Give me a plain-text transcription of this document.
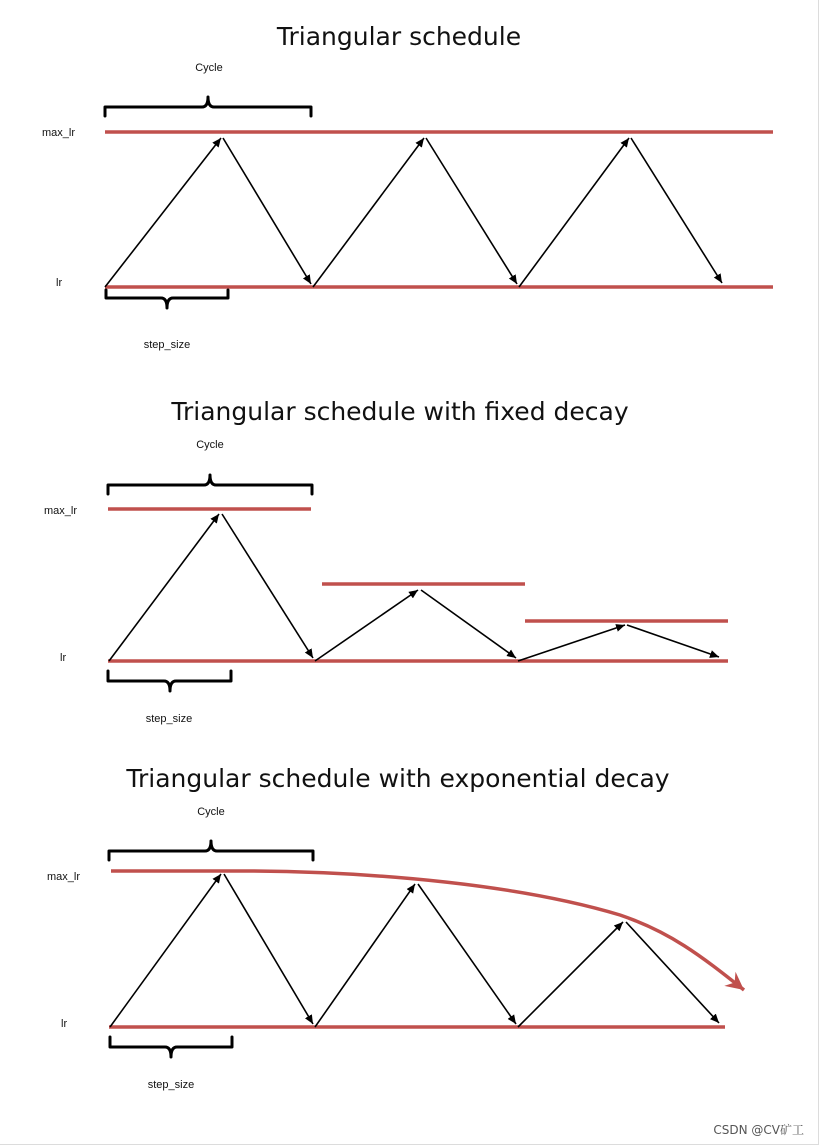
Triangular schedule
Cycle
max_lr
lr
step_size
Triangular schedule with fixed decay
Cycle
max_lr
lr
step_size
Triangular schedule with exponential decay
Cycle
max_lr
lr
step_size
CSDN @CV矿工
